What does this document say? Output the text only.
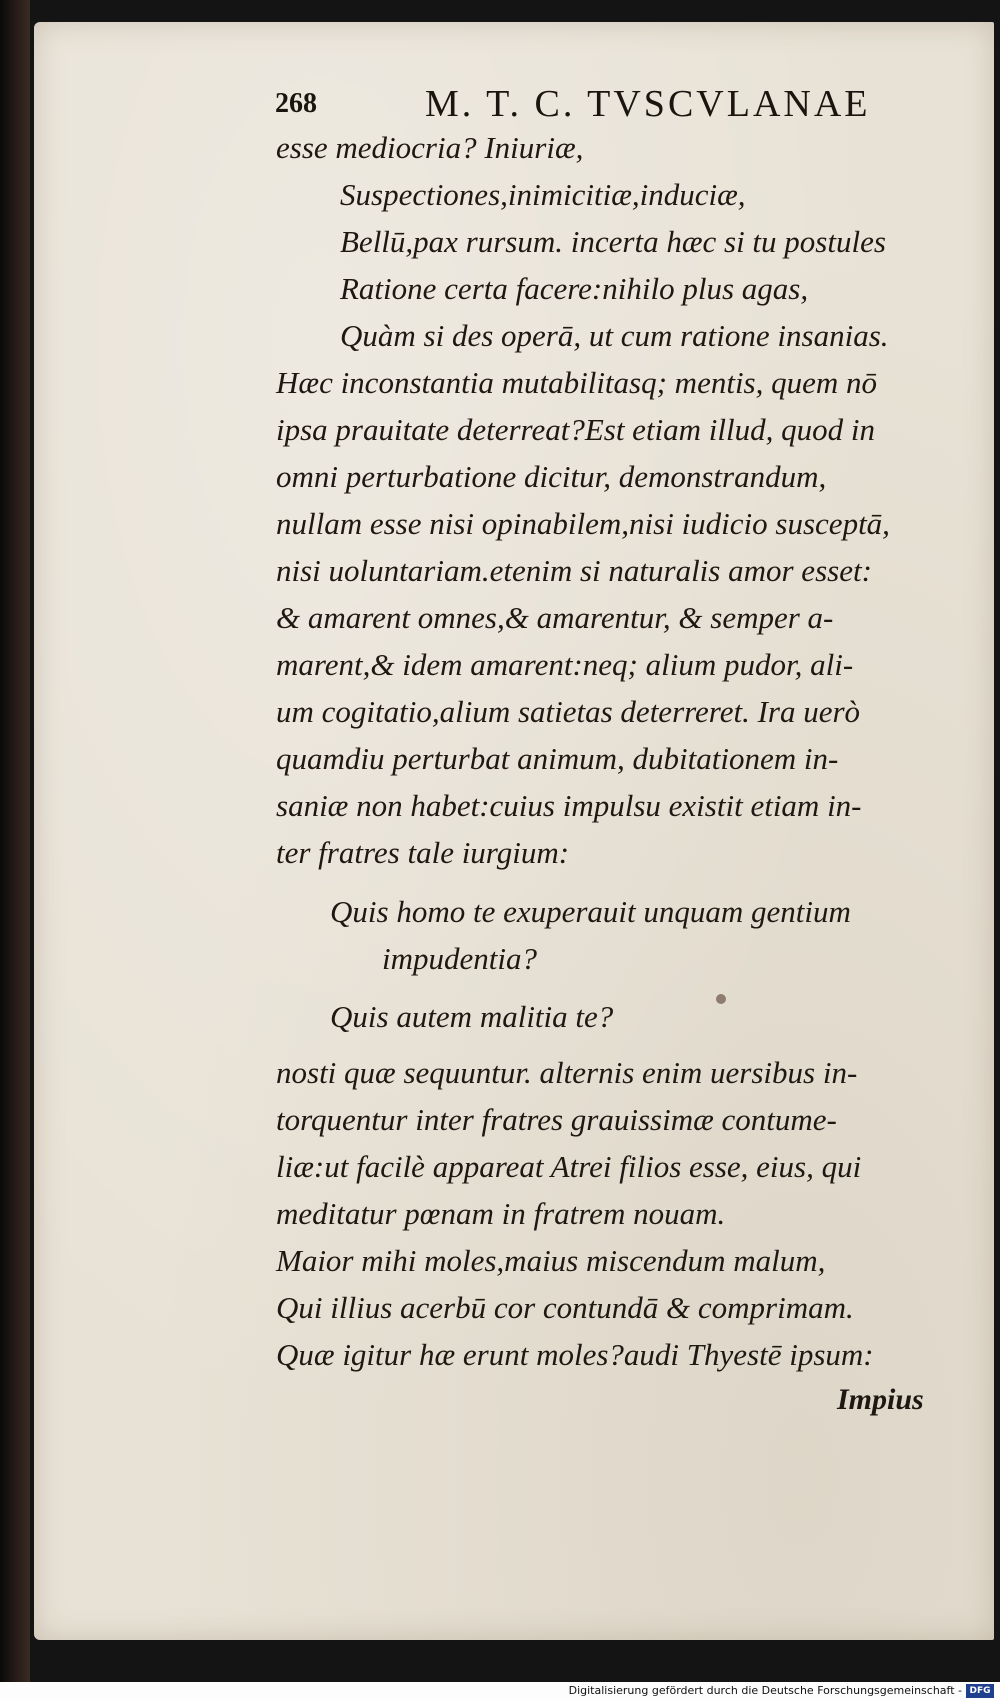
268	M. T. C. TVSCVLANAE
esse mediocria? Iniuriæ,
Suspectiones,inimicitiæ,induciæ,
Bellū,pax rursum. incerta hæc si tu postules
Ratione certa facere:nihilo plus agas,
Quàm si des operā, ut cum ratione insanias.
Hæc inconstantia mutabilitasq; mentis, quem nō
ipsa prauitate deterreat?Est etiam illud, quod in
omni perturbatione dicitur, demonstrandum,
nullam esse nisi opinabilem,nisi iudicio susceptā,
nisi uoluntariam.etenim si naturalis amor esset:
& amarent omnes,& amarentur, & semper a-
marent,& idem amarent:neq; alium pudor, ali-
um cogitatio,alium satietas deterreret. Ira uerò
quamdiu perturbat animum, dubitationem in-
saniæ non habet:cuius impulsu existit etiam in-
ter fratres tale iurgium:
Quis homo te exuperauit unquam gentium
impudentia?
Quis autem malitia te?
nosti quæ sequuntur. alternis enim uersibus in-
torquentur inter fratres grauissimæ contume-
liæ:ut facilè appareat Atrei filios esse, eius, qui
meditatur pœnam in fratrem nouam.
Maior mihi moles,maius miscendum malum,
Qui illius acerbū cor contundā & comprimam.
Quæ igitur hæ erunt moles?audi Thyestē ipsum:
Impius
Digitalisierung gefördert durch die Deutsche Forschungsgemeinschaft - DFG
